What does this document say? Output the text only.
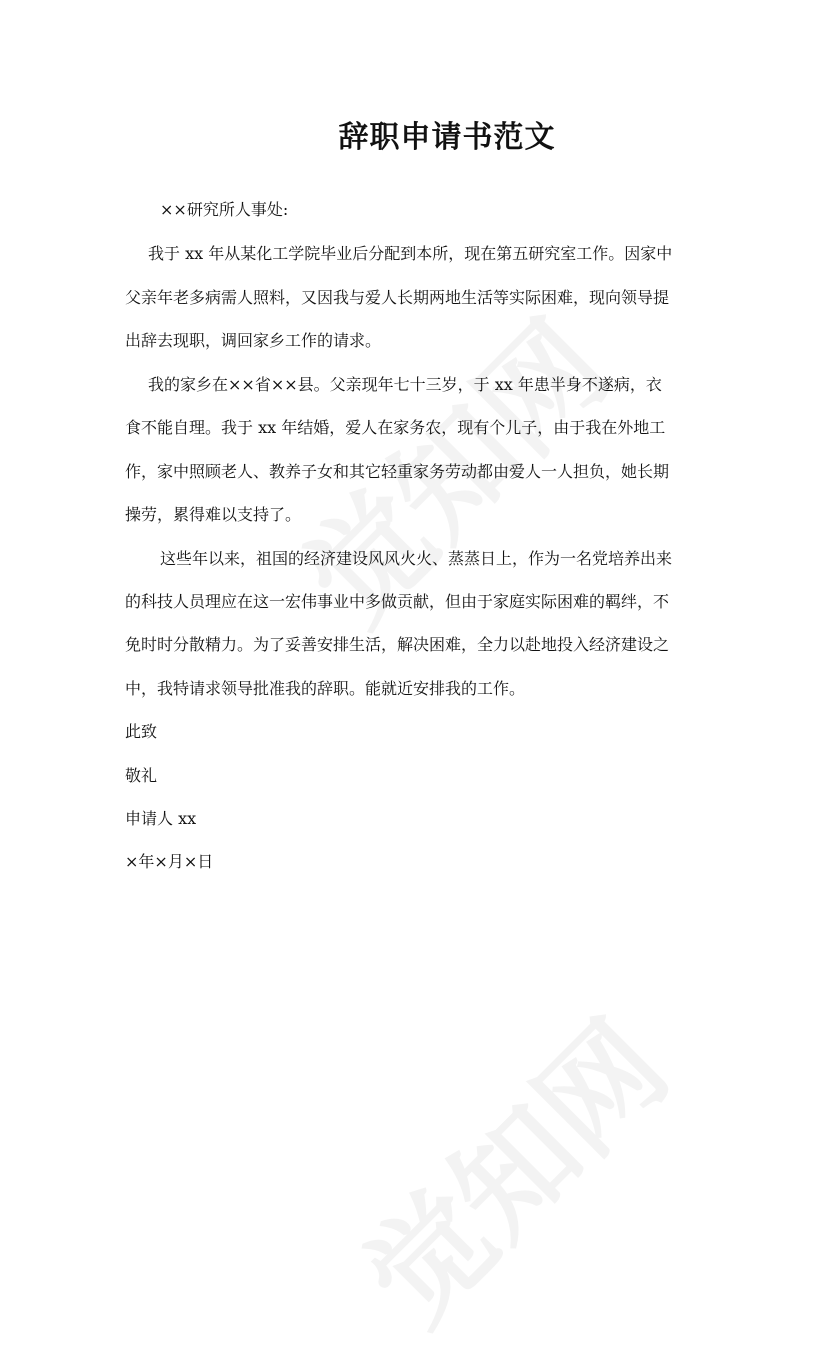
辞职申请书范文
××研究所人事处:
我于 xx 年从某化工学院毕业后分配到本所，现在第五研究室工作。因家中
父亲年老多病需人照料，又因我与爱人长期两地生活等实际困难，现向领导提
出辞去现职，调回家乡工作的请求。
我的家乡在××省××县。父亲现年七十三岁，于 xx 年患半身不遂病，衣
食不能自理。我于 xx 年结婚，爱人在家务农，现有个儿子，由于我在外地工
作，家中照顾老人、教养子女和其它轻重家务劳动都由爱人一人担负，她长期
操劳，累得难以支持了。
这些年以来，祖国的经济建设风风火火、蒸蒸日上，作为一名党培养出来
的科技人员理应在这一宏伟事业中多做贡献，但由于家庭实际困难的羁绊，不
免时时分散精力。为了妥善安排生活，解决困难，全力以赴地投入经济建设之
中，我特请求领导批准我的辞职。能就近安排我的工作。
此致
敬礼
申请人 xx
×年×月×日
